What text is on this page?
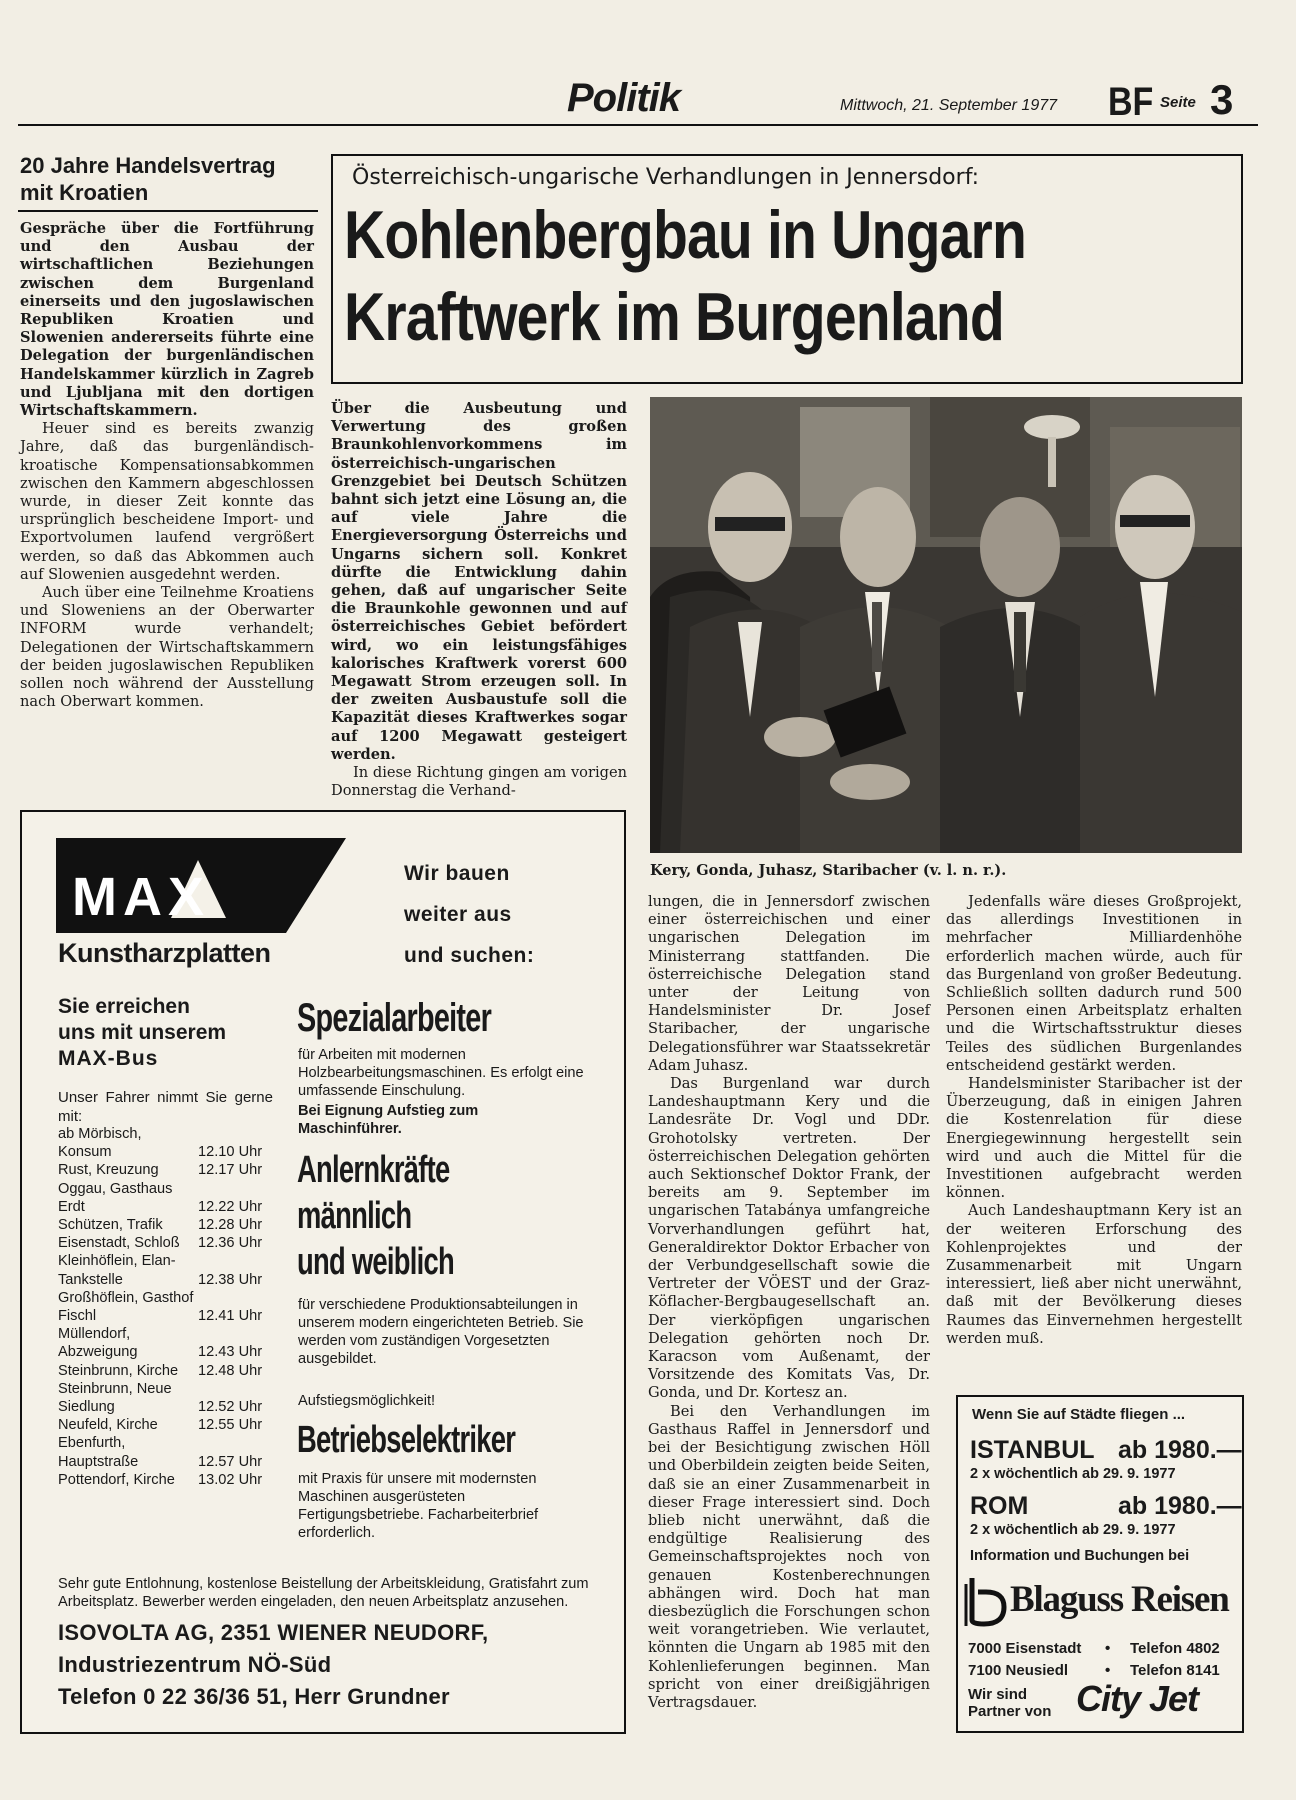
Politik	Mittwoch, 21. September 1977 BF Seite 3
20 Jahre Handelsvertrag
mit Kroatien

Gespräche über die Fortführung und den Ausbau der wirtschaftlichen Beziehungen zwischen dem Burgenland einerseits und den jugoslawischen Republiken Kroatien und Slowenien andererseits führte eine Delegation der burgenländischen Handelskammer kürzlich in Zagreb und Ljubljana mit den dortigen Wirtschaftskammern.

Heuer sind es bereits zwanzig Jahre, daß das burgenländisch-kroatische Kompensationsabkommen zwischen den Kammern abgeschlossen wurde, in dieser Zeit konnte das ursprünglich bescheidene Import- und Exportvolumen laufend vergrößert werden, so daß das Abkommen auch auf Slowenien ausgedehnt werden.

Auch über eine Teilnehme Kroatiens und Sloweniens an der Oberwarter INFORM wurde verhandelt; Delegationen der Wirtschaftskammern der beiden jugoslawischen Republiken sollen noch während der Ausstellung nach Oberwart kommen.

Österreichisch-ungarische Verhandlungen in Jennersdorf:
Kohlenbergbau in Ungarn
Kraftwerk im Burgenland

Über die Ausbeutung und Verwertung des großen Braunkohlenvorkommens im österreichisch-ungarischen Grenzgebiet bei Deutsch Schützen bahnt sich jetzt eine Lösung an, die auf viele Jahre die Energieversorgung Österreichs und Ungarns sichern soll. Konkret dürfte die Entwicklung dahin gehen, daß auf ungarischer Seite die Braunkohle gewonnen und auf österreichisches Gebiet befördert wird, wo ein leistungsfähiges kalorisches Kraftwerk vorerst 600 Megawatt Strom erzeugen soll. In der zweiten Ausbaustufe soll die Kapazität dieses Kraftwerkes sogar auf 1200 Megawatt gesteigert werden.

In diese Richtung gingen am vorigen Donnerstag die Verhand-

Kery, Gonda, Juhasz, Staribacher (v. l. n. r.).

lungen, die in Jennersdorf zwischen einer österreichischen und einer ungarischen Delegation im Ministerrang stattfanden. Die österreichische Delegation stand unter der Leitung von Handelsminister Dr. Josef Staribacher, der ungarische Delegationsführer war Staatssekretär Adam Juhasz.

Das Burgenland war durch Landeshauptmann Kery und die Landesräte Dr. Vogl und DDr. Grohotolsky vertreten. Der österreichischen Delegation gehörten auch Sektionschef Doktor Frank, der bereits am 9. September im ungarischen Tatabánya umfangreiche Vorverhandlungen geführt hat, Generaldirektor Doktor Erbacher von der Verbundgesellschaft sowie die Vertreter der VÖEST und der Graz-Köflacher-Bergbaugesellschaft an. Der vierköpfigen ungarischen Delegation gehörten noch Dr. Karacson vom Außenamt, der Vorsitzende des Komitats Vas, Dr. Gonda, und Dr. Kortesz an.

Bei den Verhandlungen im Gasthaus Raffel in Jennersdorf und bei der Besichtigung zwischen Höll und Oberbildein zeigten beide Seiten, daß sie an einer Zusammenarbeit in dieser Frage interessiert sind. Doch blieb nicht unerwähnt, daß die endgültige Realisierung des Gemeinschaftsprojektes noch von genauen Kostenberechnungen abhängen wird. Doch hat man diesbezüglich die Forschungen schon weit vorangetrieben. Wie verlautet, könnten die Ungarn ab 1985 mit den Kohlenlieferungen beginnen. Man spricht von einer dreißigjährigen Vertragsdauer.

Jedenfalls wäre dieses Großprojekt, das allerdings Investitionen in mehrfacher Milliardenhöhe erforderlich machen würde, auch für das Burgenland von großer Bedeutung. Schließlich sollten dadurch rund 500 Personen einen Arbeitsplatz erhalten und die Wirtschaftsstruktur dieses Teiles des südlichen Burgenlandes entscheidend gestärkt werden.

Handelsminister Staribacher ist der Überzeugung, daß in einigen Jahren die Kostenrelation für diese Energiegewinnung hergestellt sein wird und auch die Mittel für die Investitionen aufgebracht werden können.

Auch Landeshauptmann Kery ist an der weiteren Erforschung des Kohlenprojektes und der Zusammenarbeit mit Ungarn interessiert, ließ aber nicht unerwähnt, daß mit der Bevölkerung dieses Raumes das Einvernehmen hergestellt werden muß.

MAX
Kunstharzplatten
Wir bauen
weiter aus
und suchen:
Sie erreichen
uns mit unserem
MAX-Bus
Unser Fahrer nimmt Sie gerne mit:
ab Mörbisch, Konsum	12.10 Uhr
Rust, Kreuzung	12.17 Uhr
Oggau, Gasthaus Erdt	12.22 Uhr
Schützen, Trafik	12.28 Uhr
Eisenstadt, Schloß	12.36 Uhr
Kleinhöflein, Elan-Tankstelle	12.38 Uhr
Großhöflein, Gasthof Fischl	12.41 Uhr
Müllendorf, Abzweigung	12.43 Uhr
Steinbrunn, Kirche	12.48 Uhr
Steinbrunn, Neue Siedlung	12.52 Uhr
Neufeld, Kirche	12.55 Uhr
Ebenfurth, Hauptstraße	12.57 Uhr
Pottendorf, Kirche	13.02 Uhr
Spezialarbeiter
für Arbeiten mit modernen Holzbearbeitungsmaschinen. Es erfolgt eine umfassende Einschulung.
Bei Eignung Aufstieg zum Maschinführer.
Anlernkräfte
männlich
und weiblich
für verschiedene Produktionsabteilungen in unserem modern eingerichteten Betrieb. Sie werden vom zuständigen Vorgesetzten ausgebildet.
Aufstiegsmöglichkeit!
Betriebselektriker
mit Praxis für unsere mit modernsten Maschinen ausgerüsteten Fertigungsbetriebe. Facharbeiterbrief erforderlich.
Sehr gute Entlohnung, kostenlose Beistellung der Arbeitskleidung, Gratisfahrt zum Arbeitsplatz. Bewerber werden eingeladen, den neuen Arbeitsplatz anzusehen.
ISOVOLTA AG, 2351 WIENER NEUDORF,
Industriezentrum NÖ-Süd
Telefon 0 22 36/36 51, Herr Grundner
Wenn Sie auf Städte fliegen ...
ISTANBUL ab 1980.—
2 x wöchentlich ab 29. 9. 1977
ROM	ab 1980.—
2 x wöchentlich ab 29. 9. 1977
Information und Buchungen bei
Blaguss Reisen
7000 Eisenstadt • Telefon 4802
7100 Neusiedl • Telefon 8141
Wir sind
Partner von City Jet
